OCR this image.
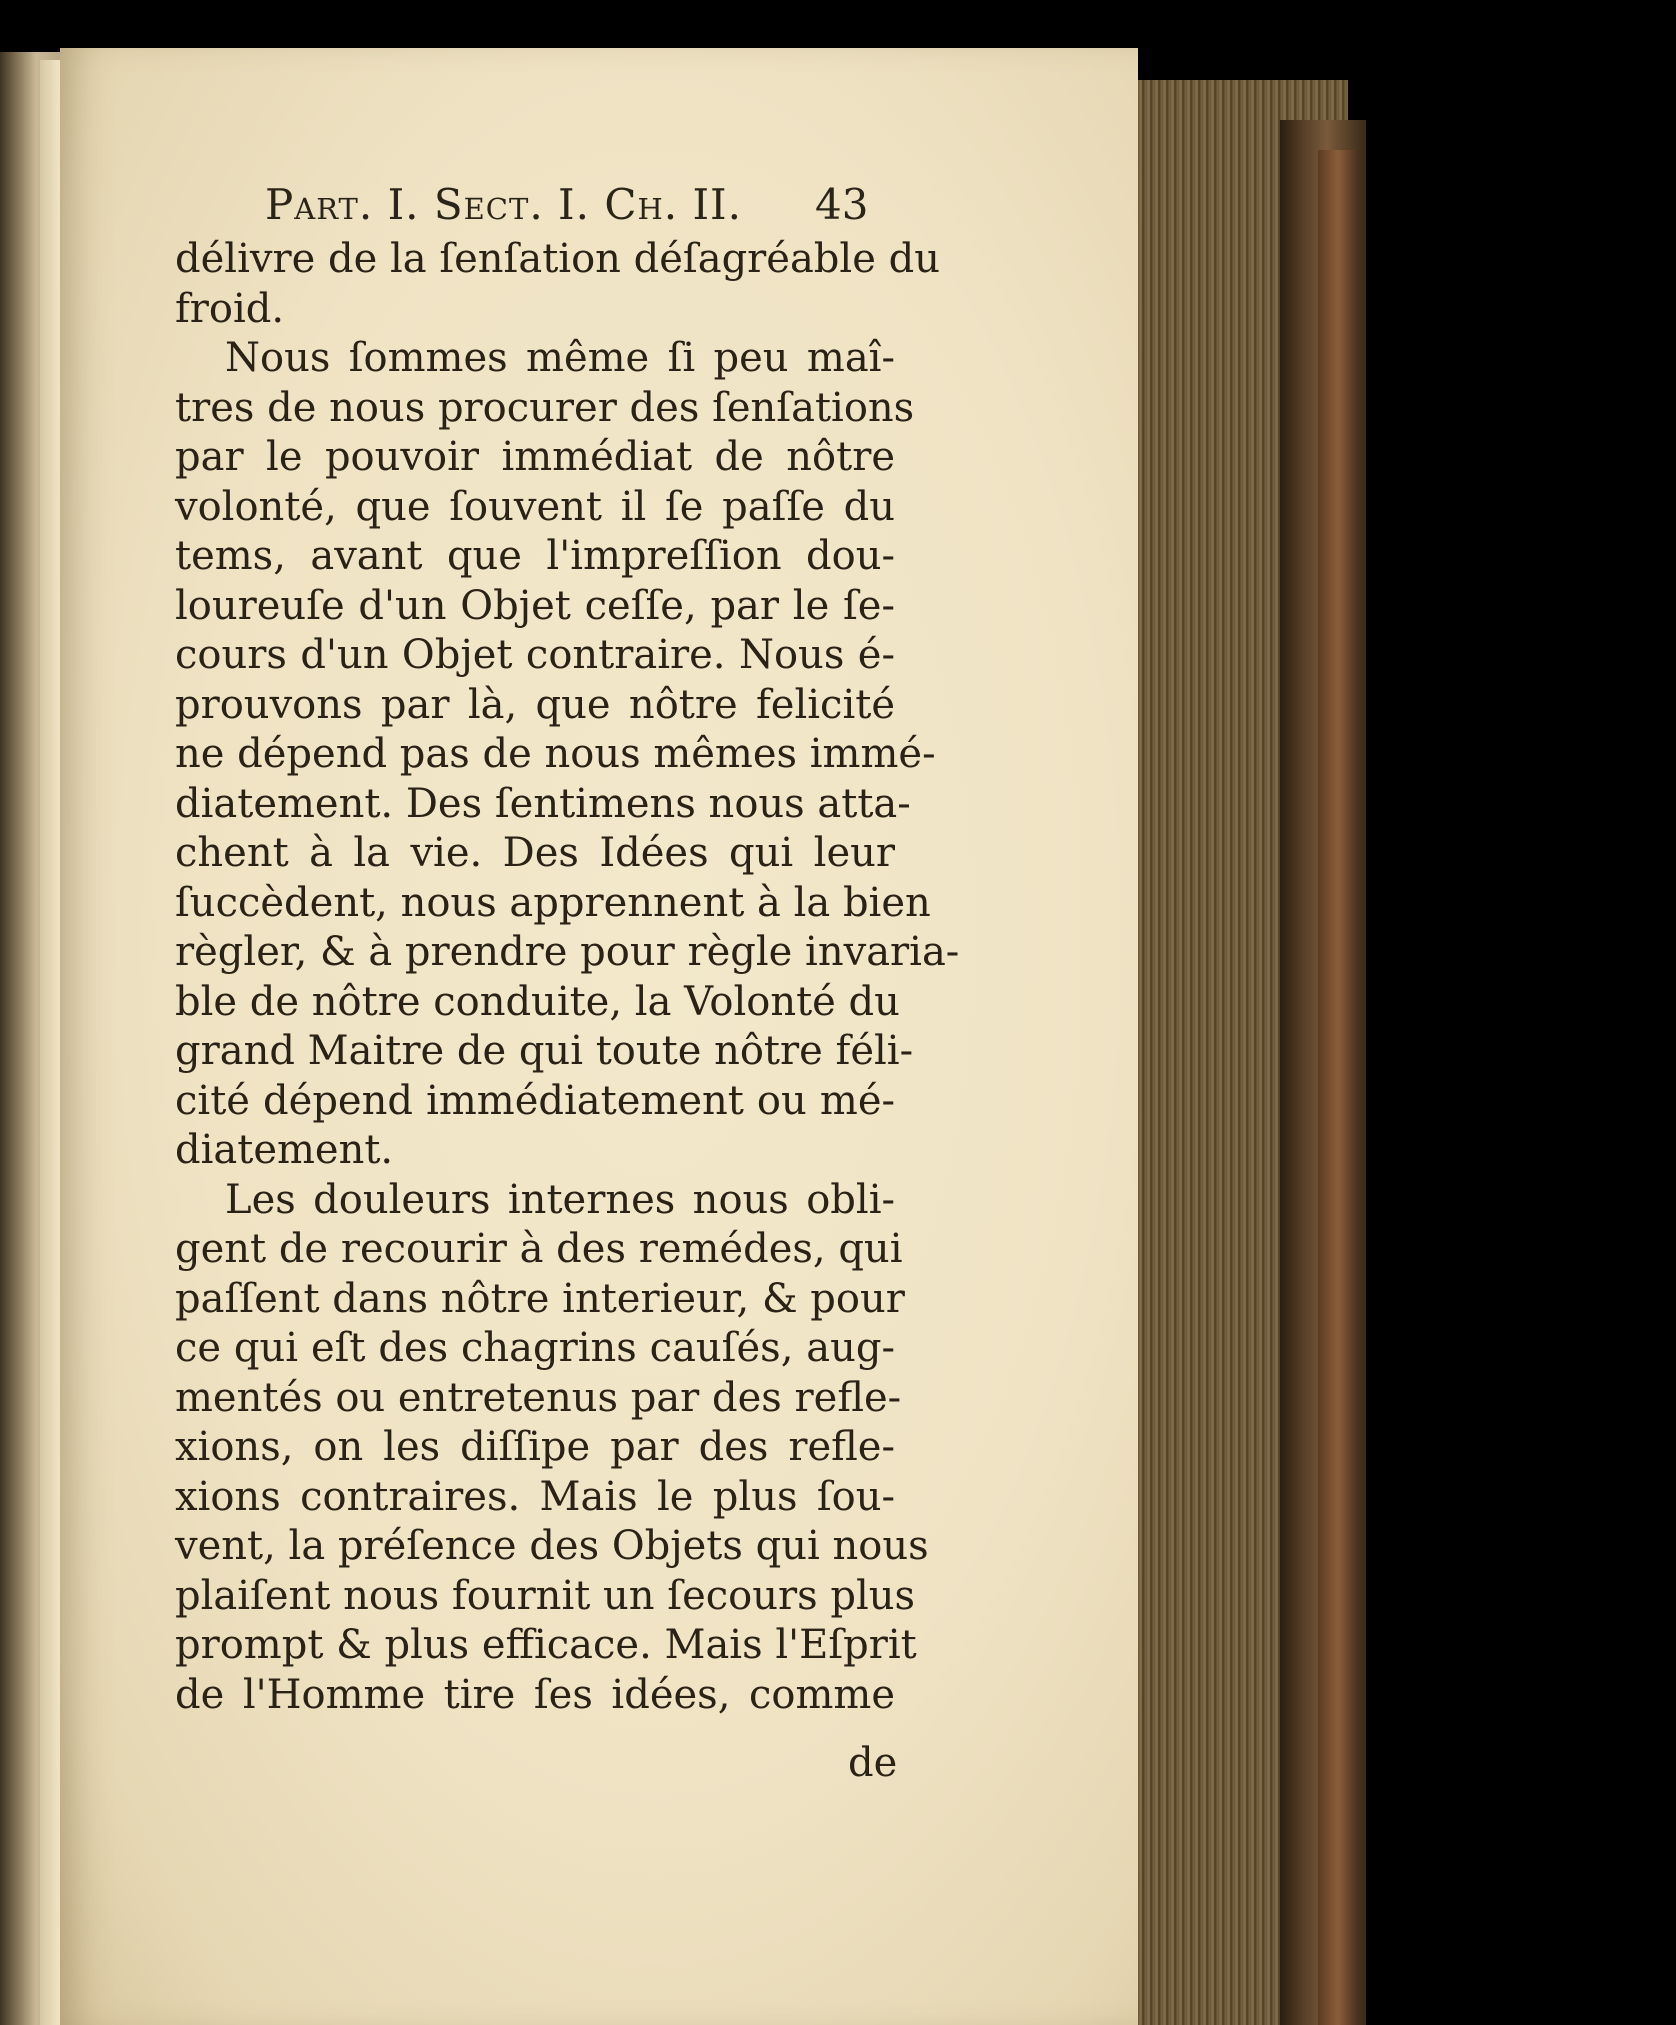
Part. I. Sect. I. Ch. II.	43
délivre de la ſenſation déſagréable du
froid.
Nous ſommes même ſi peu maî-
tres de nous procurer des ſenſations
par le pouvoir immédiat de nôtre
volonté, que ſouvent il ſe paſſe du
tems, avant que l'impreſſion dou-
loureuſe d'un Objet ceſſe, par le ſe-
cours d'un Objet contraire. Nous é-
prouvons par là, que nôtre felicité
ne dépend pas de nous mêmes immé-
diatement. Des ſentimens nous atta-
chent à la vie. Des Idées qui leur
ſuccèdent, nous apprennent à la bien
règler, & à prendre pour règle invaria-
ble de nôtre conduite, la Volonté du
grand Maitre de qui toute nôtre féli-
cité dépend immédiatement ou mé-
diatement.
Les douleurs internes nous obli-
gent de recourir à des remédes, qui
paſſent dans nôtre interieur, & pour
ce qui eſt des chagrins cauſés, aug-
mentés ou entretenus par des refle-
xions, on les diſſipe par des refle-
xions contraires. Mais le plus ſou-
vent, la préſence des Objets qui nous
plaiſent nous fournit un ſecours plus
prompt & plus efficace. Mais l'Eſprit
de l'Homme tire ſes idées, comme
de
